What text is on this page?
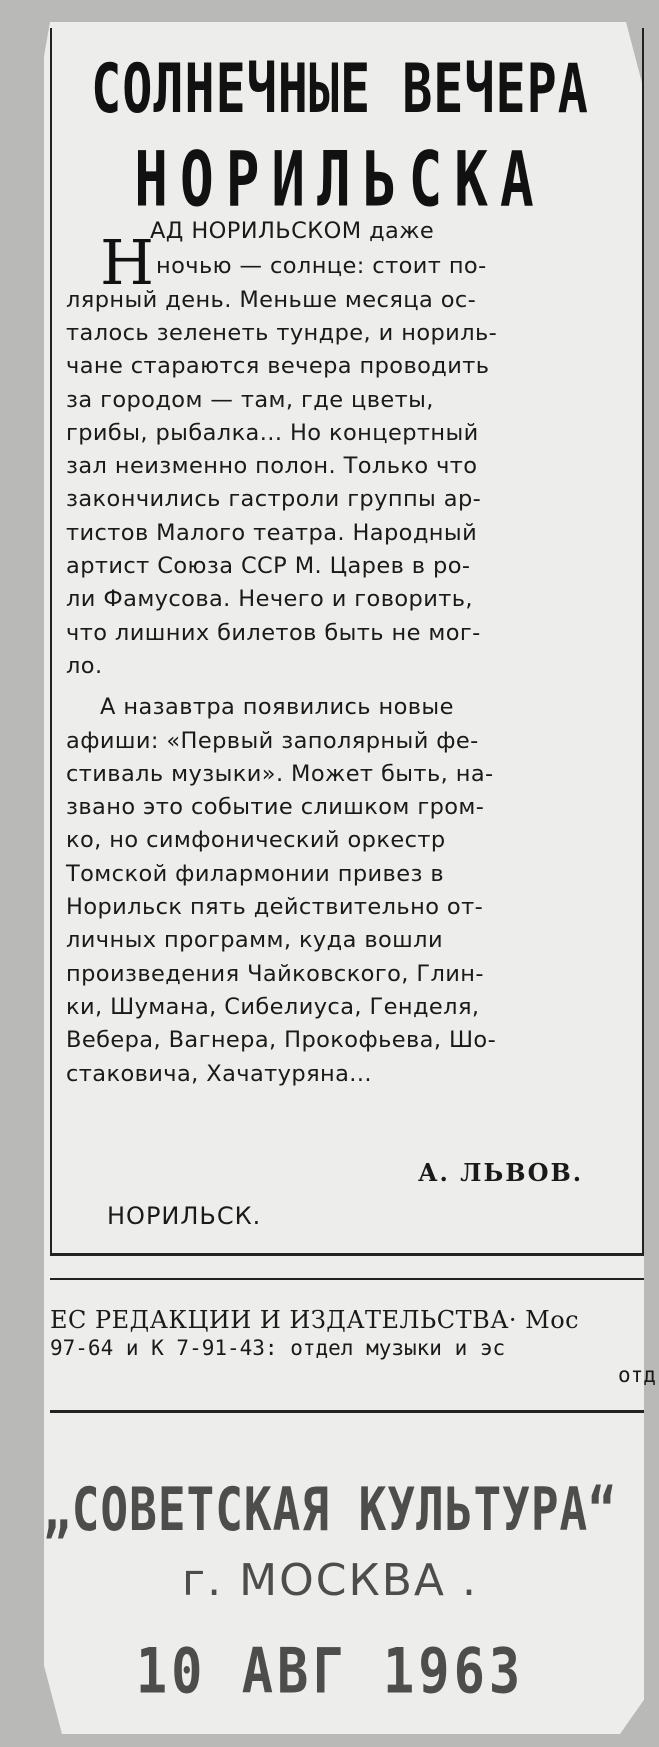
СОЛНЕЧНЫЕ ВЕЧЕРА
НОРИЛЬСКА
Н
АД НОРИЛЬСКОМ даже
ночью — солнце: стоит по-
лярный день. Меньше месяца ос-
талось зеленеть тундре, и нориль-
чане стараются вечера проводить
за городом — там, где цветы,
грибы, рыбалка... Но концертный
зал неизменно полон. Только что
закончились гастроли группы ар-
тистов Малого театра. Народный
артист Союза ССР М. Царев в ро-
ли Фамусова. Нечего и говорить,
что лишних билетов быть не мог-
ло.
А назавтра появились новые
афиши: «Первый заполярный фе-
стиваль музыки». Может быть, на-
звано это событие слишком гром-
ко, но симфонический оркестр
Томской филармонии привез в
Норильск пять действительно от-
личных программ, куда вошли
произведения Чайковского, Глин-
ки, Шумана, Сибелиуса, Генделя,
Вебера, Вагнера, Прокофьева, Шо-
стаковича, Хачатуряна...
А. ЛЬВОВ.
НОРИЛЬСК.
ЕС РЕДАКЦИИ И ИЗДАТЕЛЬСТВА· Мос
97-64 и К 7-91-43: отдел музыки и эс
отд
„СОВЕТСКАЯ КУЛЬТУРА“
г. МОСКВА .
10 АВГ 1963
